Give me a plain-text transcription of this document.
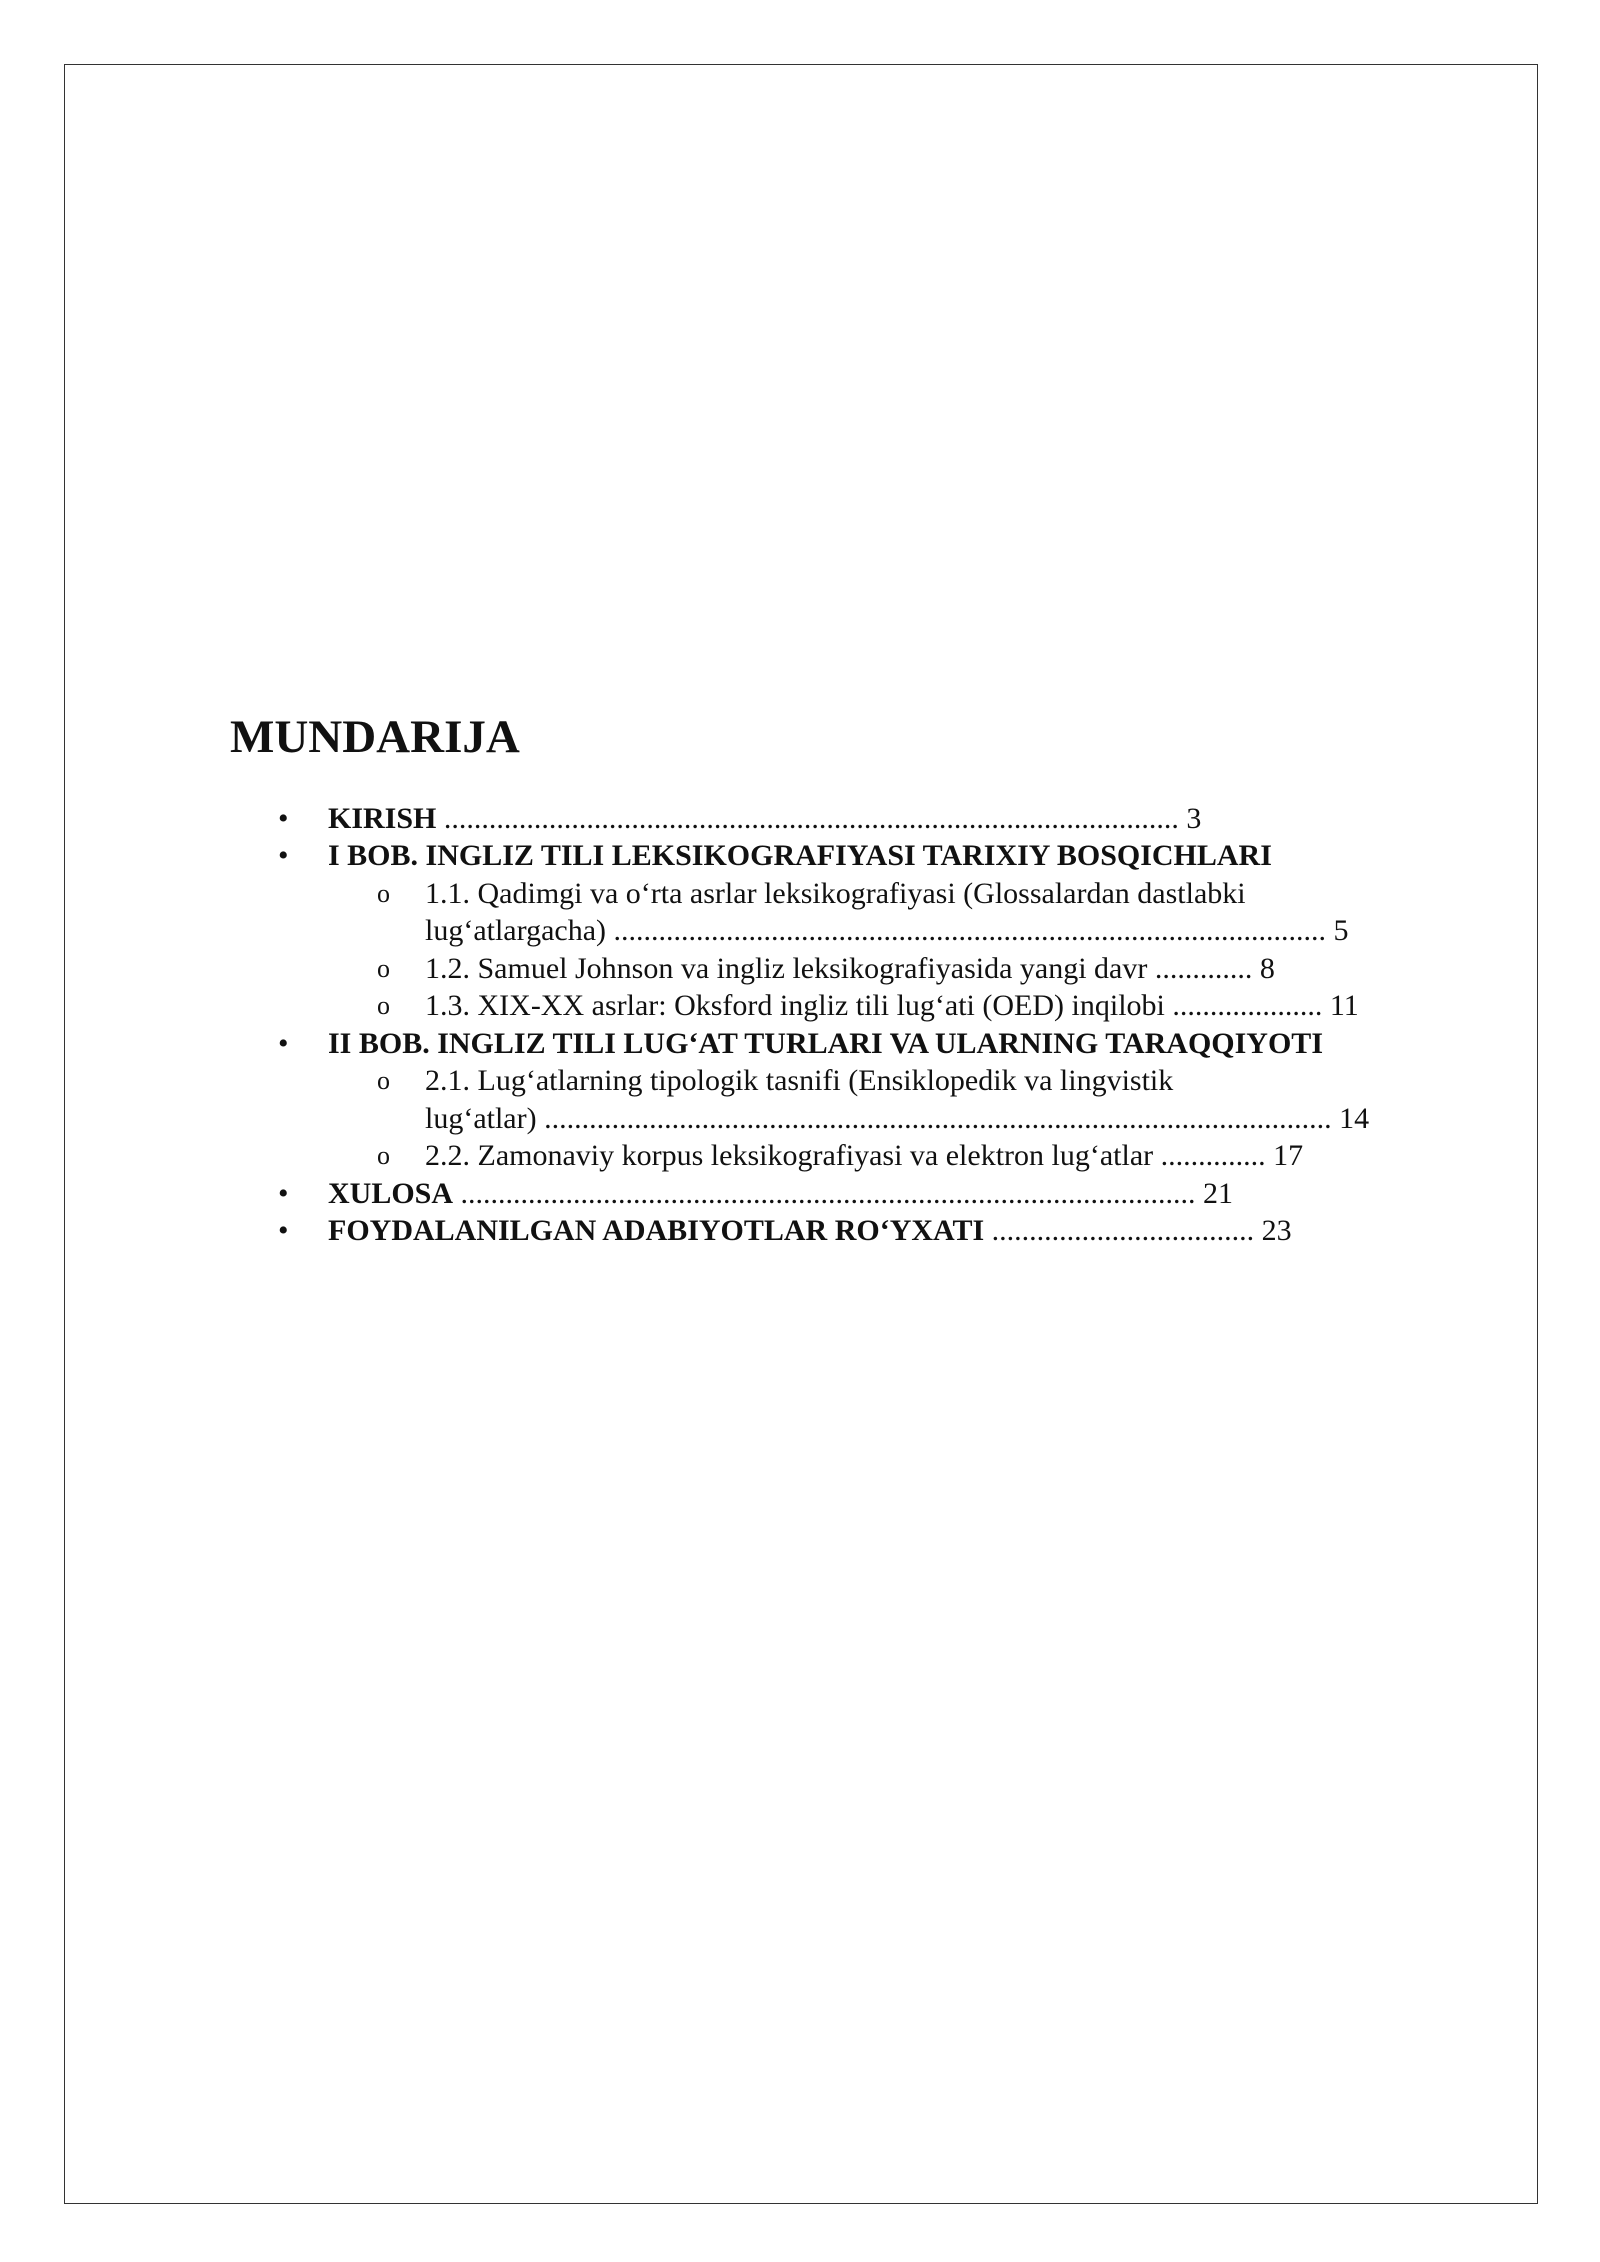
MUNDARIJA
• KIRISH .................................................................................................. 3
• I BOB. INGLIZ TILI LEKSIKOGRAFIYASI TARIXIY BOSQICHLARI
o 1.1. Qadimgi va o‘rta asrlar leksikografiyasi (Glossalardan dastlabki
lug‘atlargacha) ............................................................................................... 5
o 1.2. Samuel Johnson va ingliz leksikografiyasida yangi davr ............. 8
o 1.3. XIX-XX asrlar: Oksford ingliz tili lug‘ati (OED) inqilobi .................... 11
• II BOB. INGLIZ TILI LUG‘AT TURLARI VA ULARNING TARAQQIYOTI
o 2.1. Lug‘atlarning tipologik tasnifi (Ensiklopedik va lingvistik
lug‘atlar) ......................................................................................................... 14
o 2.2. Zamonaviy korpus leksikografiyasi va elektron lug‘atlar .............. 17
• XULOSA .................................................................................................. 21
• FOYDALANILGAN ADABIYOTLAR RO‘YXATI ................................... 23
